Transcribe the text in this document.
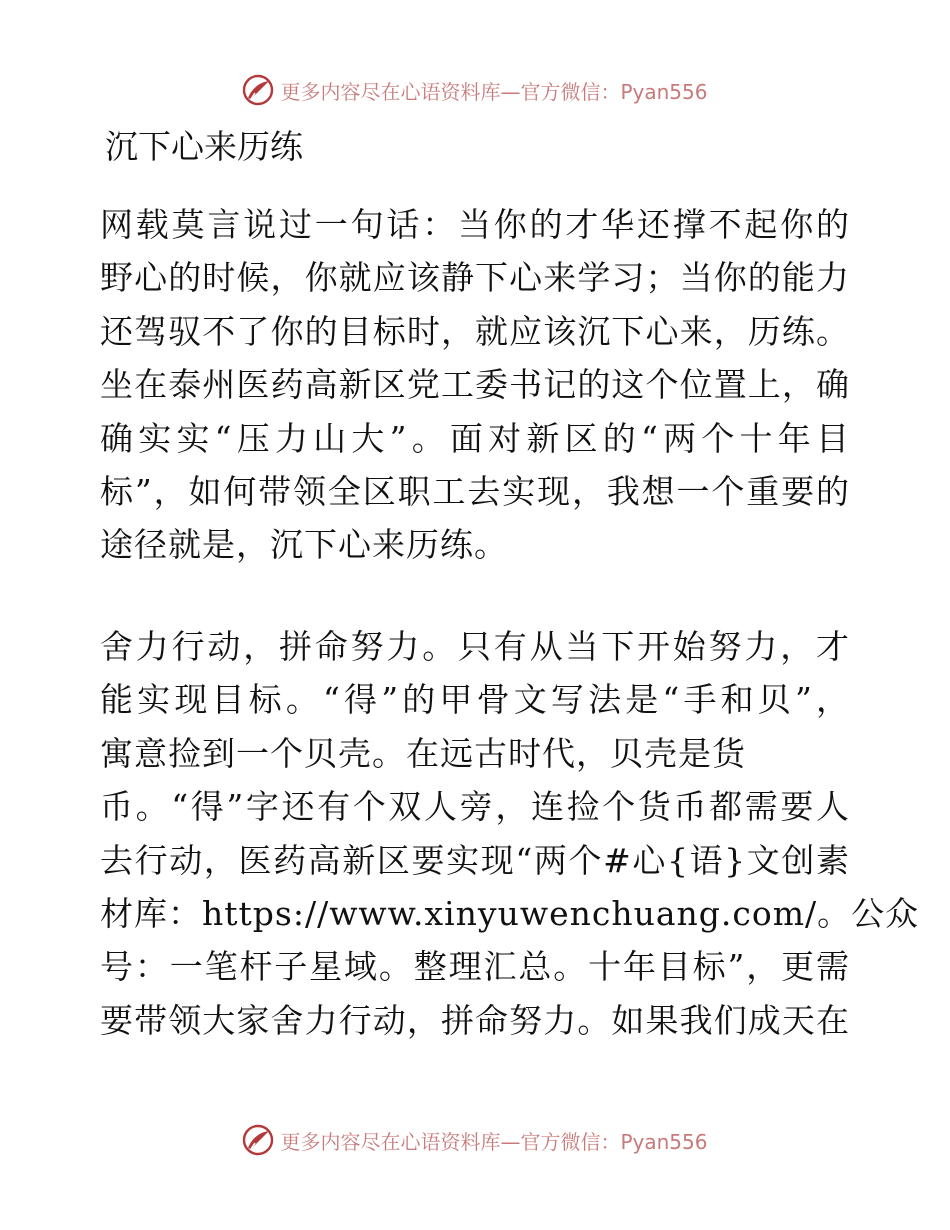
更多内容尽在心语资料库—官方微信：Pyan556
沉下心来历练
网载莫言说过一句话：当你的才华还撑不起你的
野心的时候，你就应该静下心来学习；当你的能力
还驾驭不了你的目标时，就应该沉下心来，历练。
坐在泰州医药高新区党工委书记的这个位置上，确
确实实“压力山大”。面对新区的“两个十年目
标”，如何带领全区职工去实现，我想一个重要的
途径就是，沉下心来历练。
舍力行动，拼命努力。只有从当下开始努力，才
能实现目标。“得”的甲骨文写法是“手和贝”，
寓意捡到一个贝壳。在远古时代，贝壳是货
币。“得”字还有个双人旁，连捡个货币都需要人
去行动，医药高新区要实现“两个#心{语}文创素
材库：https://www.xinyuwenchuang.com/。公众
号：一笔杆子星域。整理汇总。十年目标”，更需
要带领大家舍力行动，拼命努力。如果我们成天在
更多内容尽在心语资料库—官方微信：Pyan556
